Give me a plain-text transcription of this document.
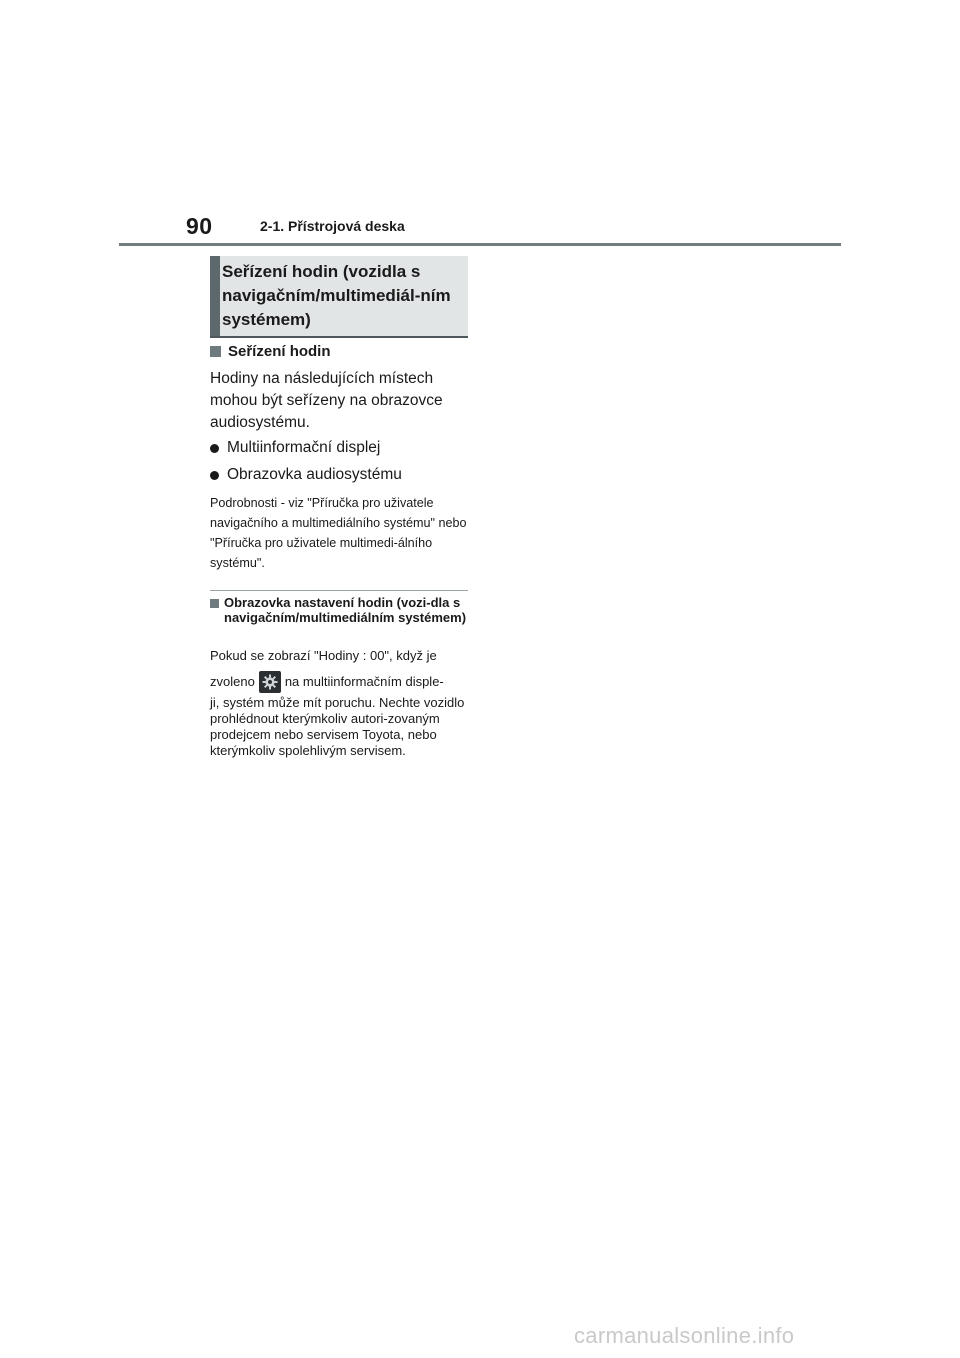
90	2-1. Přístrojová deska
Seřízení hodin (vozidla s navigačním/multimediál-ním systémem)
Seřízení hodin

Hodiny na následujících místech mohou být seřízeny na obrazovce audiosystému.

Multiinformační displej
Obrazovka audiosystému

Podrobnosti - viz "Příručka pro uživatele navigačního a multimediálního systému" nebo "Příručka pro uživatele multimedi-álního systému".

Obrazovka nastavení hodin (vozi-dla s navigačním/multimediálním systémem)
Pokud se zobrazí "Hodiny : 00", když je
zvoleno na multiinformačním disple-
ji, systém může mít poruchu. Nechte vozidlo prohlédnout kterýmkoliv autori-zovaným prodejcem nebo servisem Toyota, nebo kterýmkoliv spolehlivým servisem.
carmanualsonline.info
